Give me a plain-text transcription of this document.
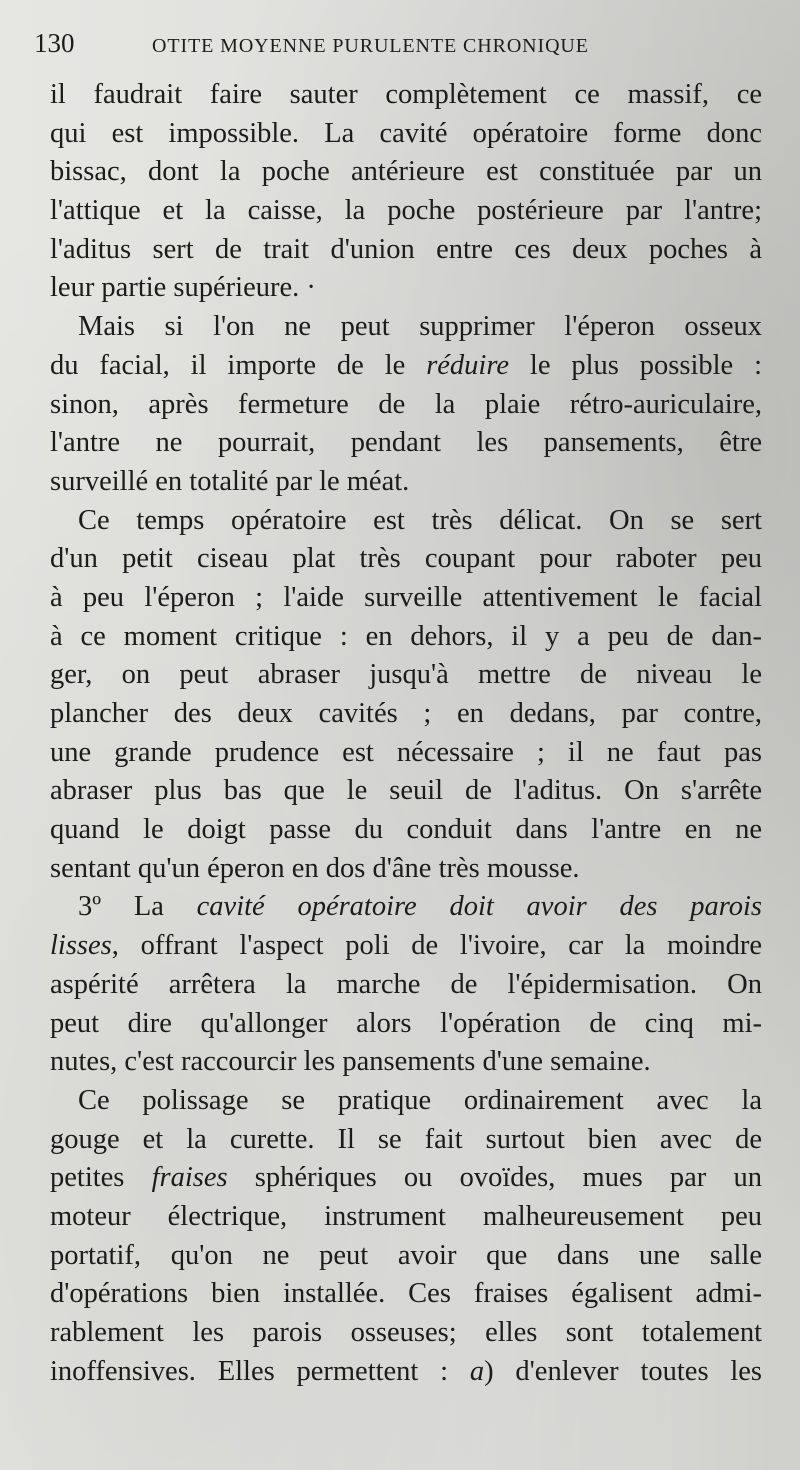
130	OTITE MOYENNE PURULENTE CHRONIQUE
il faudrait faire sauter complètement ce massif, ce
qui est impossible. La cavité opératoire forme donc
bissac, dont la poche antérieure est constituée par un
l'attique et la caisse, la poche postérieure par l'antre;
l'aditus sert de trait d'union entre ces deux poches à
leur partie supérieure. ·
Mais si l'on ne peut supprimer l'éperon osseux
du facial, il importe de le réduire le plus possible :
sinon, après fermeture de la plaie rétro-auriculaire,
l'antre ne pourrait, pendant les pansements, être
surveillé en totalité par le méat.
Ce temps opératoire est très délicat. On se sert
d'un petit ciseau plat très coupant pour raboter peu
à peu l'éperon ; l'aide surveille attentivement le facial
à ce moment critique : en dehors, il y a peu de dan-
ger, on peut abraser jusqu'à mettre de niveau le
plancher des deux cavités ; en dedans, par contre,
une grande prudence est nécessaire ; il ne faut pas
abraser plus bas que le seuil de l'aditus. On s'arrête
quand le doigt passe du conduit dans l'antre en ne
sentant qu'un éperon en dos d'âne très mousse.
3º La cavité opératoire doit avoir des parois
lisses, offrant l'aspect poli de l'ivoire, car la moindre
aspérité arrêtera la marche de l'épidermisation. On
peut dire qu'allonger alors l'opération de cinq mi-
nutes, c'est raccourcir les pansements d'une semaine.
Ce polissage se pratique ordinairement avec la
gouge et la curette. Il se fait surtout bien avec de
petites fraises sphériques ou ovoïdes, mues par un
moteur électrique, instrument malheureusement peu
portatif, qu'on ne peut avoir que dans une salle
d'opérations bien installée. Ces fraises égalisent admi-
rablement les parois osseuses; elles sont totalement
inoffensives. Elles permettent : a) d'enlever toutes les
